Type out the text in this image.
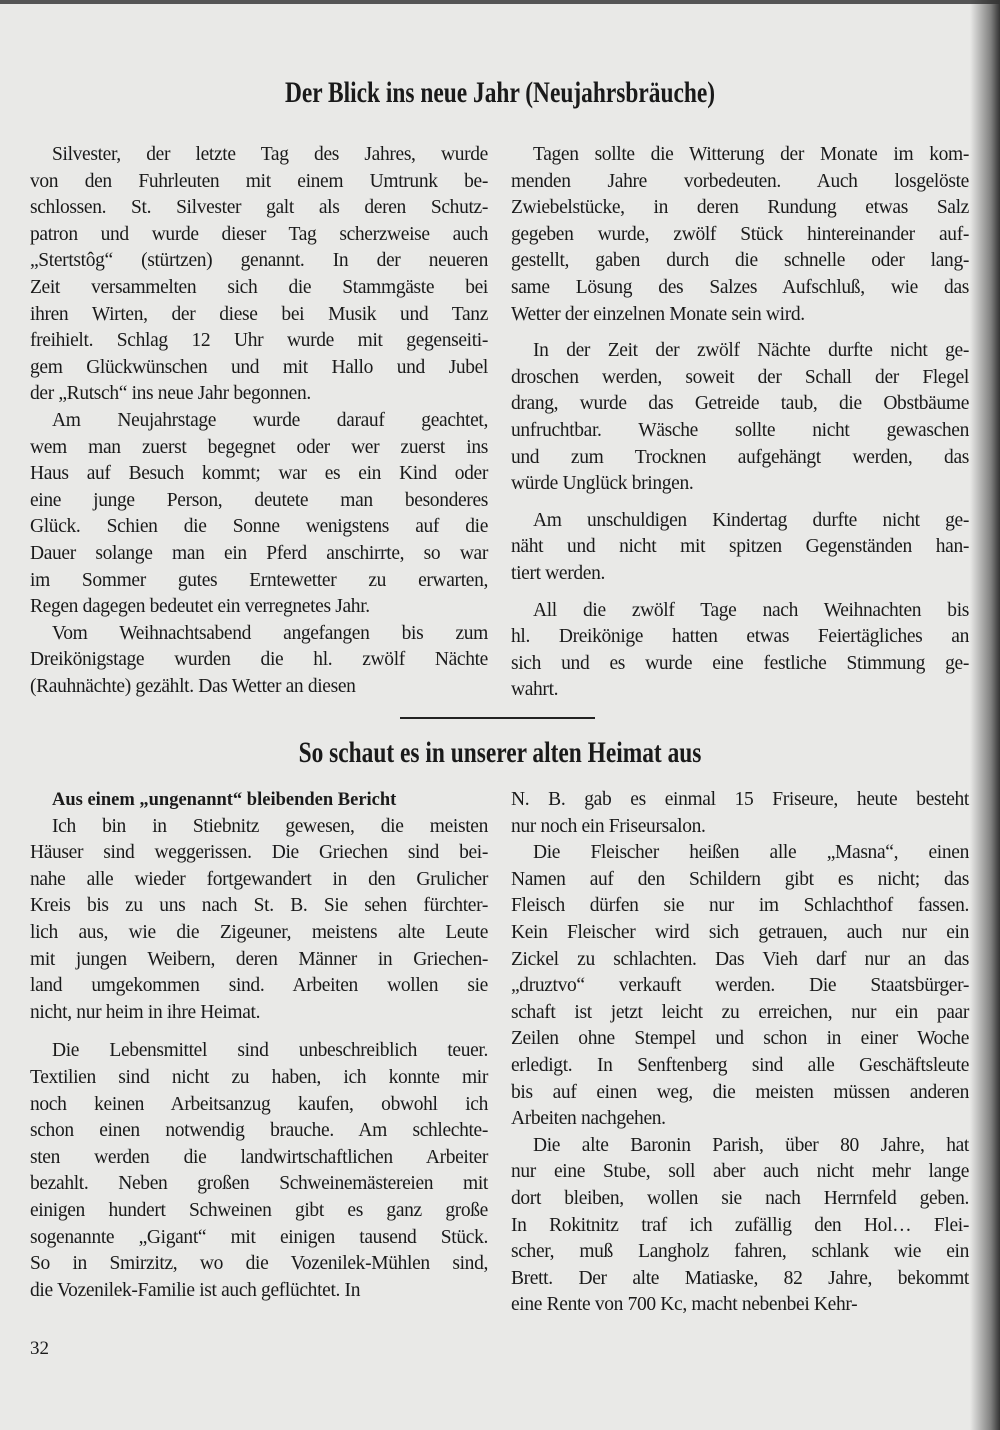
Der Blick ins neue Jahr (Neujahrsbräuche)
Silvester, der letzte Tag des Jahres, wurde
von den Fuhrleuten mit einem Umtrunk be-
schlossen. St. Silvester galt als deren Schutz-
patron und wurde dieser Tag scherzweise auch
„Stertstôg“ (stürtzen) genannt. In der neueren
Zeit versammelten sich die Stammgäste bei
ihren Wirten, der diese bei Musik und Tanz
freihielt. Schlag 12 Uhr wurde mit gegenseiti-
gem Glückwünschen und mit Hallo und Jubel
der „Rutsch“ ins neue Jahr begonnen.
Am Neujahrstage wurde darauf geachtet,
wem man zuerst begegnet oder wer zuerst ins
Haus auf Besuch kommt; war es ein Kind oder
eine junge Person, deutete man besonderes
Glück. Schien die Sonne wenigstens auf die
Dauer solange man ein Pferd anschirrte, so war
im Sommer gutes Erntewetter zu erwarten,
Regen dagegen bedeutet ein verregnetes Jahr.
Vom Weihnachtsabend angefangen bis zum
Dreikönigstage wurden die hl. zwölf Nächte
(Rauhnächte) gezählt. Das Wetter an diesen
Tagen sollte die Witterung der Monate im kom-
menden Jahre vorbedeuten. Auch losgelöste
Zwiebelstücke, in deren Rundung etwas Salz
gegeben wurde, zwölf Stück hintereinander auf-
gestellt, gaben durch die schnelle oder lang-
same Lösung des Salzes Aufschluß, wie das
Wetter der einzelnen Monate sein wird.
In der Zeit der zwölf Nächte durfte nicht ge-
droschen werden, soweit der Schall der Flegel
drang, wurde das Getreide taub, die Obstbäume
unfruchtbar. Wäsche sollte nicht gewaschen
und zum Trocknen aufgehängt werden, das
würde Unglück bringen.
Am unschuldigen Kindertag durfte nicht ge-
näht und nicht mit spitzen Gegenständen han-
tiert werden.
All die zwölf Tage nach Weihnachten bis
hl. Dreikönige hatten etwas Feiertägliches an
sich und es wurde eine festliche Stimmung ge-
wahrt.
So schaut es in unserer alten Heimat aus
Aus einem „ungenannt“ bleibenden Bericht
Ich bin in Stiebnitz gewesen, die meisten
Häuser sind weggerissen. Die Griechen sind bei-
nahe alle wieder fortgewandert in den Grulicher
Kreis bis zu uns nach St. B. Sie sehen fürchter-
lich aus, wie die Zigeuner, meistens alte Leute
mit jungen Weibern, deren Männer in Griechen-
land umgekommen sind. Arbeiten wollen sie
nicht, nur heim in ihre Heimat.
Die Lebensmittel sind unbeschreiblich teuer.
Textilien sind nicht zu haben, ich konnte mir
noch keinen Arbeitsanzug kaufen, obwohl ich
schon einen notwendig brauche. Am schlechte-
sten werden die landwirtschaftlichen Arbeiter
bezahlt. Neben großen Schweinemästereien mit
einigen hundert Schweinen gibt es ganz große
sogenannte „Gigant“ mit einigen tausend Stück.
So in Smirzitz, wo die Vozenilek-Mühlen sind,
die Vozenilek-Familie ist auch geflüchtet. In
N. B. gab es einmal 15 Friseure, heute besteht
nur noch ein Friseursalon.
Die Fleischer heißen alle „Masna“, einen
Namen auf den Schildern gibt es nicht; das
Fleisch dürfen sie nur im Schlachthof fassen.
Kein Fleischer wird sich getrauen, auch nur ein
Zickel zu schlachten. Das Vieh darf nur an das
„druztvo“ verkauft werden. Die Staatsbürger-
schaft ist jetzt leicht zu erreichen, nur ein paar
Zeilen ohne Stempel und schon in einer Woche
erledigt. In Senftenberg sind alle Geschäftsleute
bis auf einen weg, die meisten müssen anderen
Arbeiten nachgehen.
Die alte Baronin Parish, über 80 Jahre, hat
nur eine Stube, soll aber auch nicht mehr lange
dort bleiben, wollen sie nach Herrnfeld geben.
In Rokitnitz traf ich zufällig den Hol… Flei-
scher, muß Langholz fahren, schlank wie ein
Brett. Der alte Matiaske, 82 Jahre, bekommt
eine Rente von 700 Kc, macht nebenbei Kehr-
32
